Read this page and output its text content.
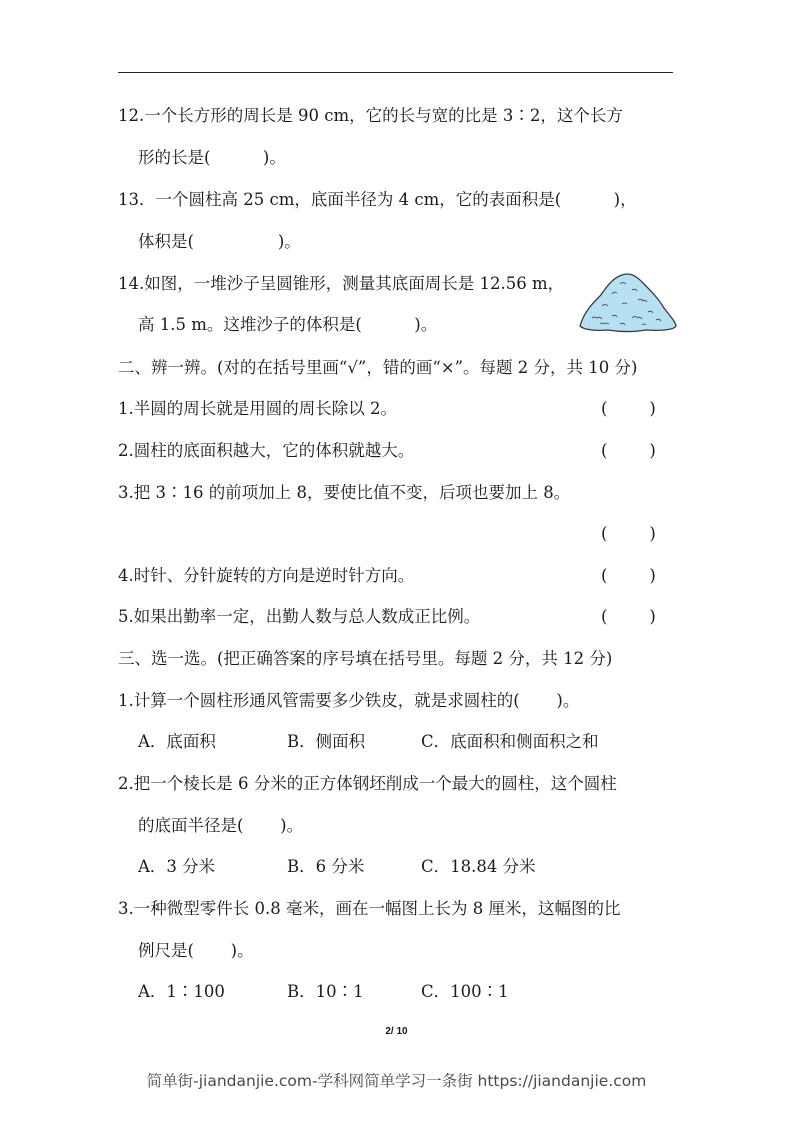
12.一个长方形的周长是 90 cm，它的长与宽的比是 3∶2，这个长方
形的长是(          )。
13．一个圆柱高 25 cm，底面半径为 4 cm，它的表面积是(          )，
体积是(                )。
14.如图，一堆沙子呈圆锥形，测量其底面周长是 12.56 m，
高 1.5 m。这堆沙子的体积是(          )。
二、辨一辨。(对的在括号里画“√”，错的画“×”。每题 2 分，共 10 分)
1.半圆的周长就是用圆的周长除以 2。	(        )
2.圆柱的底面积越大，它的体积就越大。	(        )
3.把 3∶16 的前项加上 8，要使比值不变，后项也要加上 8。
(        )
4.时针、分针旋转的方向是逆时针方向。	(        )
5.如果出勤率一定，出勤人数与总人数成正比例。	(        )
三、选一选。(把正确答案的序号填在括号里。每题 2 分，共 12 分)
1.计算一个圆柱形通风管需要多少铁皮，就是求圆柱的(       )。
A．底面积	B．侧面积	C．底面积和侧面积之和
2.把一个棱长是 6 分米的正方体钢坯削成一个最大的圆柱，这个圆柱
的底面半径是(       )。
A．3 分米	B．6 分米	C．18.84 分米
3.一种微型零件长 0.8 毫米，画在一幅图上长为 8 厘米，这幅图的比
例尺是(       )。
A．1∶100	B．10∶1	C．100∶1
2/ 10
简单街-jiandanjie.com-学科网简单学习一条街 https://jiandanjie.com
